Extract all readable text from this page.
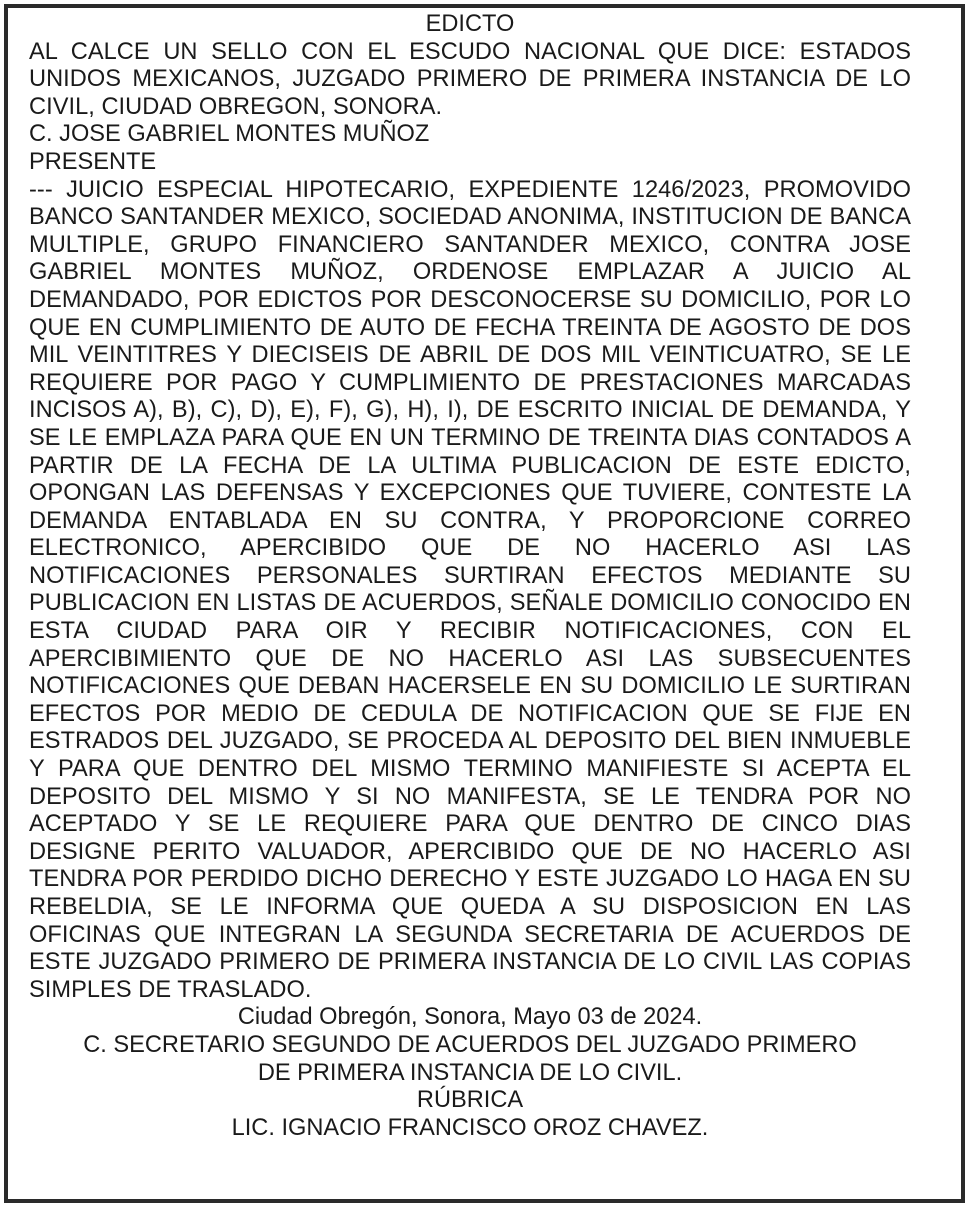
EDICTO
AL CALCE UN SELLO CON EL ESCUDO NACIONAL QUE DICE: ESTADOS UNIDOS MEXICANOS, JUZGADO PRIMERO DE PRIMERA INSTANCIA DE LO CIVIL, CIUDAD OBREGON, SONORA.
C. JOSE GABRIEL MONTES MUÑOZ
PRESENTE
--- JUICIO ESPECIAL HIPOTECARIO, EXPEDIENTE 1246/2023, PROMOVIDO BANCO SANTANDER MEXICO, SOCIEDAD ANONIMA, INSTITUCION DE BANCA MULTIPLE, GRUPO FINANCIERO SANTANDER MEXICO, CONTRA JOSE GABRIEL MONTES MUÑOZ, ORDENOSE EMPLAZAR A JUICIO AL DEMANDADO, POR EDICTOS POR DESCONOCERSE SU DOMICILIO, POR LO QUE EN CUMPLIMIENTO DE AUTO DE FECHA TREINTA DE AGOSTO DE DOS MIL VEINTITRES Y DIECISEIS DE ABRIL DE DOS MIL VEINTICUATRO, SE LE REQUIERE POR PAGO Y CUMPLIMIENTO DE PRESTACIONES MARCADAS INCISOS A), B), C), D), E), F), G), H), I), DE ESCRITO INICIAL DE DEMANDA, Y SE LE EMPLAZA PARA QUE EN UN TERMINO DE TREINTA DIAS CONTADOS A PARTIR DE LA FECHA DE LA ULTIMA PUBLICACION DE ESTE EDICTO, OPONGAN LAS DEFENSAS Y EXCEPCIONES QUE TUVIERE, CONTESTE LA DEMANDA ENTABLADA EN SU CONTRA, Y PROPORCIONE CORREO ELECTRONICO, APERCIBIDO QUE DE NO HACERLO ASI LAS NOTIFICACIONES PERSONALES SURTIRAN EFECTOS MEDIANTE SU PUBLICACION EN LISTAS DE ACUERDOS, SEÑALE DOMICILIO CONOCIDO EN ESTA CIUDAD PARA OIR Y RECIBIR NOTIFICACIONES, CON EL APERCIBIMIENTO QUE DE NO HACERLO ASI LAS SUBSECUENTES NOTIFICACIONES QUE DEBAN HACERSELE EN SU DOMICILIO LE SURTIRAN EFECTOS POR MEDIO DE CEDULA DE NOTIFICACION QUE SE FIJE EN ESTRADOS DEL JUZGADO, SE PROCEDA AL DEPOSITO DEL BIEN INMUEBLE Y PARA QUE DENTRO DEL MISMO TERMINO MANIFIESTE SI ACEPTA EL DEPOSITO DEL MISMO Y SI NO MANIFESTA, SE LE TENDRA POR NO ACEPTADO Y SE LE REQUIERE PARA QUE DENTRO DE CINCO DIAS DESIGNE PERITO VALUADOR, APERCIBIDO QUE DE NO HACERLO ASI TENDRA POR PERDIDO DICHO DERECHO Y ESTE JUZGADO LO HAGA EN SU REBELDIA, SE LE INFORMA QUE QUEDA A SU DISPOSICION EN LAS OFICINAS QUE INTEGRAN LA SEGUNDA SECRETARIA DE ACUERDOS DE ESTE JUZGADO PRIMERO DE PRIMERA INSTANCIA DE LO CIVIL LAS COPIAS SIMPLES DE TRASLADO.
Ciudad Obregón, Sonora, Mayo 03 de 2024.
C. SECRETARIO SEGUNDO DE ACUERDOS DEL JUZGADO PRIMERO
DE PRIMERA INSTANCIA DE LO CIVIL.
RÚBRICA
LIC. IGNACIO FRANCISCO OROZ CHAVEZ.
